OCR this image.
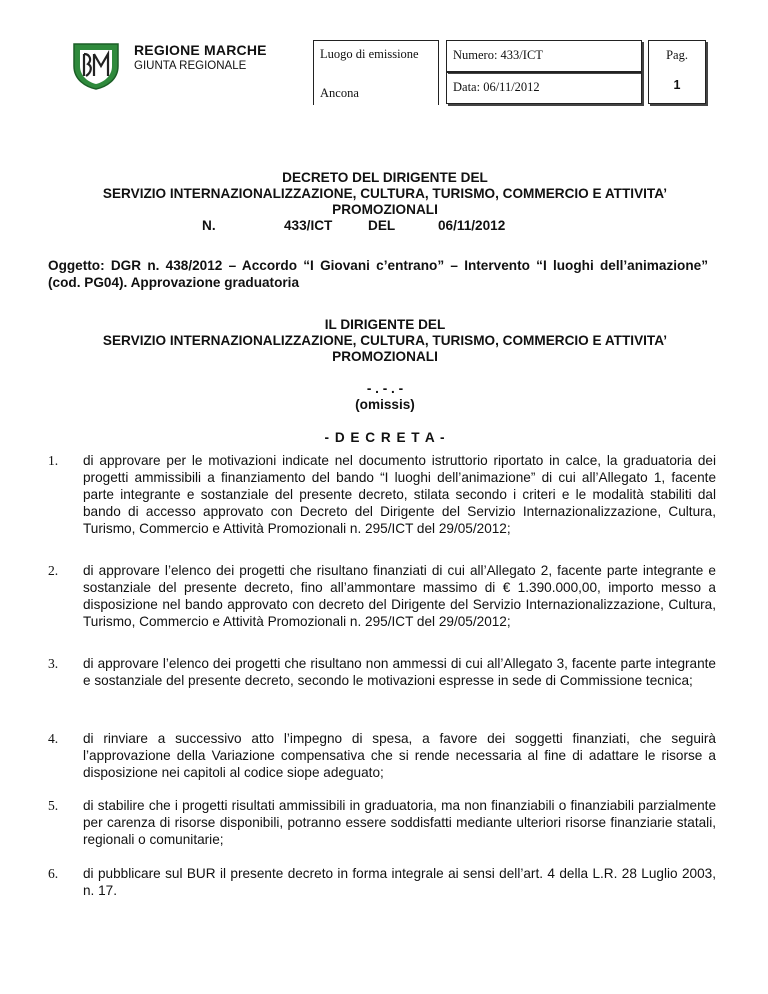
REGIONE MARCHE
GIUNTA REGIONALE
Luogo di emissione
Ancona
Numero: 433/ICT
Data: 06/11/2012
Pag.
1
DECRETO DEL DIRIGENTE DEL
SERVIZIO INTERNAZIONALIZZAZIONE, CULTURA, TURISMO, COMMERCIO E ATTIVITA’
PROMOZIONALI
N.	433/ICT	DEL	06/11/2012
Oggetto: DGR n. 438/2012 – Accordo “I Giovani c’entrano” – Intervento “I luoghi dell’animazione” (cod. PG04). Approvazione graduatoria
IL DIRIGENTE DEL
SERVIZIO INTERNAZIONALIZZAZIONE, CULTURA, TURISMO, COMMERCIO E ATTIVITA’
PROMOZIONALI
- . - . -
(omissis)
- D E C R E T A -
1. di approvare per le motivazioni indicate nel documento istruttorio riportato in calce, la graduatoria dei progetti ammissibili a finanziamento del bando “I luoghi dell’animazione” di cui all’Allegato 1, facente parte integrante e sostanziale del presente decreto, stilata secondo i criteri e le modalità stabiliti dal bando di accesso approvato con Decreto del Dirigente del Servizio Internazionalizzazione, Cultura, Turismo, Commercio e Attività Promozionali n. 295/ICT del 29/05/2012;
2. di approvare l’elenco dei progetti che risultano finanziati di cui all’Allegato 2, facente parte integrante e sostanziale del presente decreto, fino all’ammontare massimo di € 1.390.000,00, importo messo a disposizione nel bando approvato con decreto del Dirigente del Servizio Internazionalizzazione, Cultura, Turismo, Commercio e Attività Promozionali n. 295/ICT del 29/05/2012;
3. di approvare l’elenco dei progetti che risultano non ammessi di cui all’Allegato 3, facente parte integrante e sostanziale del presente decreto, secondo le motivazioni espresse in sede di Commissione tecnica;
4. di rinviare a successivo atto l’impegno di spesa, a favore dei soggetti finanziati, che seguirà l’approvazione della Variazione compensativa che si rende necessaria al fine di adattare le risorse a disposizione nei capitoli al codice siope adeguato;
5. di stabilire che i progetti risultati ammissibili in graduatoria, ma non finanziabili o finanziabili parzialmente per carenza di risorse disponibili, potranno essere soddisfatti mediante ulteriori risorse finanziarie statali, regionali o comunitarie;
6. di pubblicare sul BUR il presente decreto in forma integrale ai sensi dell’art. 4 della L.R. 28 Luglio 2003, n. 17.
